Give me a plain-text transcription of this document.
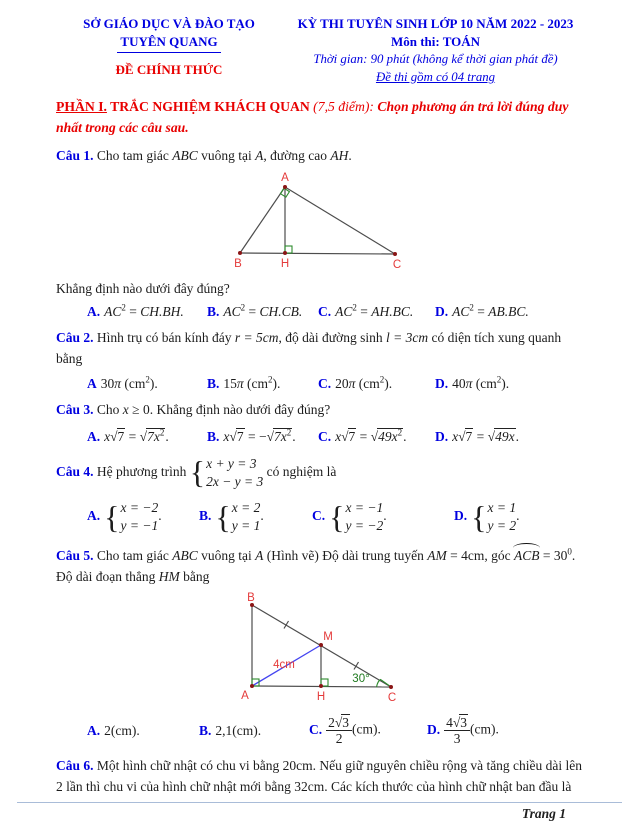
SỞ GIÁO DỤC VÀ ĐÀO TẠO
TUYÊN QUANG
ĐỀ CHÍNH THỨC
KỲ THI TUYÊN SINH LỚP 10 NĂM 2022 - 2023
Môn thi: TOÁN
Thời gian: 90 phút (không kể thời gian phát đề)
Đề thi gồm có 04 trang
PHẦN I. TRẮC NGHIỆM KHÁCH QUAN (7,5 điểm): Chọn phương án trả lời đúng duy nhất trong các câu sau.
Câu 1. Cho tam giác ABC vuông tại A, đường cao AH.
A
B	H	C
Khẳng định nào dưới đây đúng?
A. $AC^2 = CH.BH$.	B. $AC^2 = CH.CB$.	C. $AC^2 = AH.BC$.	D. $AC^2 = AB.BC$.
Câu 2. Hình trụ có bán kính đáy r = 5cm, độ dài đường sinh l = 3cm có diện tích xung quanh bằng
A 30π $(cm^2)$.	B. 15π $(cm^2)$.	C. 20π $(cm^2)$.	D. 40π $(cm^2)$.
Câu 3. Cho x ≥ 0. Khẳng định nào dưới đây đúng?
A. $x√7 = √7x^2$.	B. $x√7 = -√7x^2$.	C. $x√7 = √49x^2$.	D. x√7 = √49x.
Câu 4. Hệ phương trình { x + y = 3
2x − y = 3
có nghiệm là
A. { x = −2
y = −1
.	B. { x = 2
y = 1
.	C. { x = −1
y = −2
.	D. { x = 1
y = 2
.
Câu 5. Cho tam giác ABC vuông tại A (Hình vẽ) Độ dài trung tuyến AM = 4cm, góc ACB = $30^0$. Độ dài đoạn thẳng HM bằng
B
A	H	C
M
4cm
30°
A. 2(cm).	B. 2,1(cm).	C. $\frac{2√3}{2} (cm)$.	D. $\frac{4√3}{3} (cm)$.
Câu 6. Một hình chữ nhật có chu vi bằng 20cm. Nếu giữ nguyên chiều rộng và tăng chiều dài lên 2 lần thì chu vi của hình chữ nhật mới bằng 32cm. Các kích thước của hình chữ nhật ban đầu là
Trang 1
